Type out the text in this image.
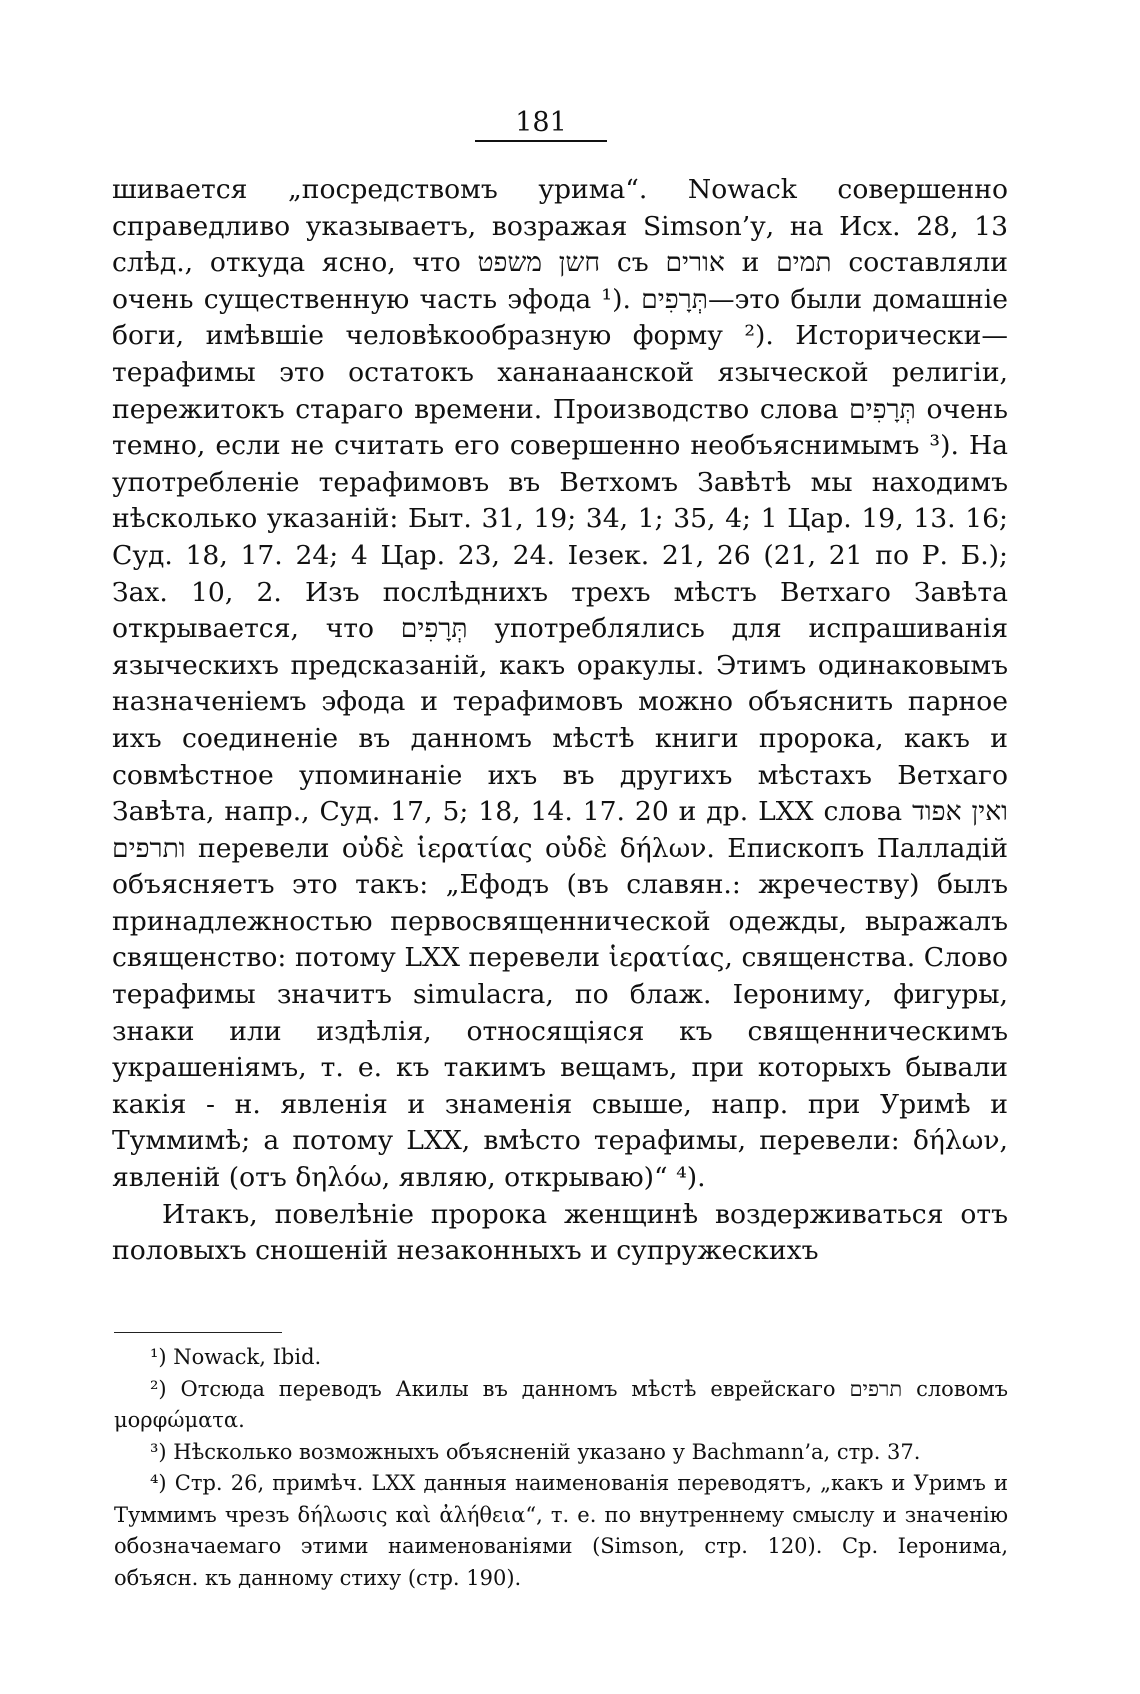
181

шивается „посредствомъ урима“. Nowack совершенно справедливо указываетъ, возражая Simson’у, на Исх. 28, 13 слѣд., откуда ясно, что חשן משפט съ אורים и תמים составляли очень существенную часть эфода ¹). תְּרָפִים—это были домашніе боги, имѣвшіе человѣкообразную форму ²). Исторически—терафимы это остатокъ хананаанской языческой религіи, пережитокъ стараго времени. Производство слова תְּרָפִים очень темно, если не считать его совершенно необъяснимымъ ³). На употребленіе терафимовъ въ Ветхомъ Завѣтѣ мы находимъ нѣсколько указаній: Быт. 31, 19; 34, 1; 35, 4; 1 Цар. 19, 13. 16; Суд. 18, 17. 24; 4 Цар. 23, 24. Іезек. 21, 26 (21, 21 по Р. Б.); Зах. 10, 2. Изъ послѣднихъ трехъ мѣстъ Ветхаго Завѣта открывается, что תְּרָפִים употреблялись для испрашиванія языческихъ предсказаній, какъ оракулы. Этимъ одинаковымъ назначеніемъ эфода и терафимовъ можно объяснить парное ихъ соединеніе въ данномъ мѣстѣ книги пророка, какъ и совмѣстное упоминаніе ихъ въ другихъ мѣстахъ Ветхаго Завѣта, напр., Суд. 17, 5; 18, 14. 17. 20 и др. LXX слова ואין אפוד ותרפים перевели οὐδὲ ἱερατίας οὐδὲ δήλων. Епископъ Палладій объясняетъ это такъ: „Ефодъ (въ славян.: жречеству) былъ принадлежностью первосвященнической одежды, выражалъ священство: потому LXX перевели ἱερατίας, священства. Слово терафимы значитъ simulacra, по блаж. Іерониму, фигуры, знаки или издѣлія, относящіяся къ священническимъ украшеніямъ, т. е. къ такимъ вещамъ, при которыхъ бывали какія - н. явленія и знаменія свыше, напр. при Уримѣ и Туммимѣ; а потому LXX, вмѣсто терафимы, перевели: δήλων, явленій (отъ δηλόω, являю, открываю)“ ⁴).

Итакъ, повелѣніе пророка женщинѣ воздерживаться отъ половыхъ сношеній незаконныхъ и супружескихъ

¹) Nowack, Ibid.

²) Отсюда переводъ Акилы въ данномъ мѣстѣ еврейскаго תרפים словомъ μορφώματα.

³) Нѣсколько возможныхъ объясненій указано у Bachmann’a, стр. 37.

⁴) Стр. 26, примѣч. LXX данныя наименованія переводятъ, „какъ и Уримъ и Туммимъ чрезъ δήλωσις καὶ ἀλήθεια“, т. е. по внутреннему смыслу и значенію обозначаемаго этими наименованіями (Simson, стр. 120). Ср. Іеронима, объясн. къ данному стиху (стр. 190).
